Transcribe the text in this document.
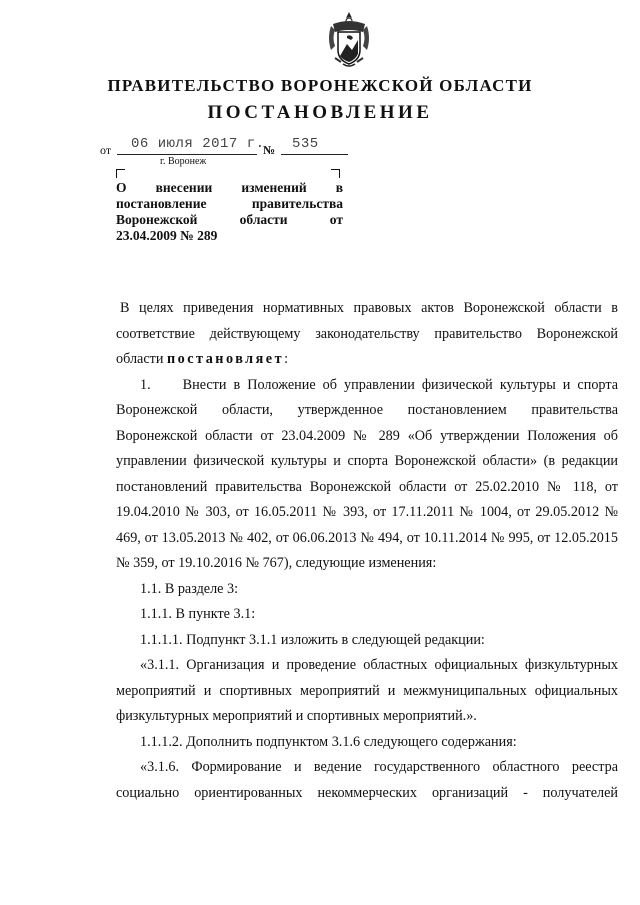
ПРАВИТЕЛЬСТВО ВОРОНЕЖСКОЙ ОБЛАСТИ
ПОСТАНОВЛЕНИЕ
от 06 июля 2017 г.
№ 535
г. Воронеж
О внесении изменений в
постановление	правительства
Воронежской	области	от
23.04.2009 № 289

В целях приведения нормативных правовых актов Воронежской области в соответствие действующему законодательству правительство Воронежской области постановляет:

1. Внести в Положение об управлении физической культуры и спорта Воронежской области, утвержденное постановлением правительства Воронежской области от 23.04.2009 № 289 «Об утверждении Положения об управлении физической культуры и спорта Воронежской области» (в редакции постановлений правительства Воронежской области от 25.02.2010 № 118, от 19.04.2010 № 303, от 16.05.2011 № 393, от 17.11.2011 № 1004, от 29.05.2012 № 469, от 13.05.2013 № 402, от 06.06.2013 № 494, от 10.11.2014 № 995, от 12.05.2015 № 359, от 19.10.2016 № 767), следующие изменения:

1.1. В разделе 3:

1.1.1. В пункте 3.1:

1.1.1.1. Подпункт 3.1.1 изложить в следующей редакции:

«3.1.1. Организация и проведение областных официальных физкультурных мероприятий и спортивных мероприятий и межмуниципальных официальных физкультурных мероприятий и спортивных мероприятий.».

1.1.1.2. Дополнить подпунктом 3.1.6 следующего содержания:

«3.1.6. Формирование и ведение государственного областного реестра социально ориентированных некоммерческих организаций - получателей
